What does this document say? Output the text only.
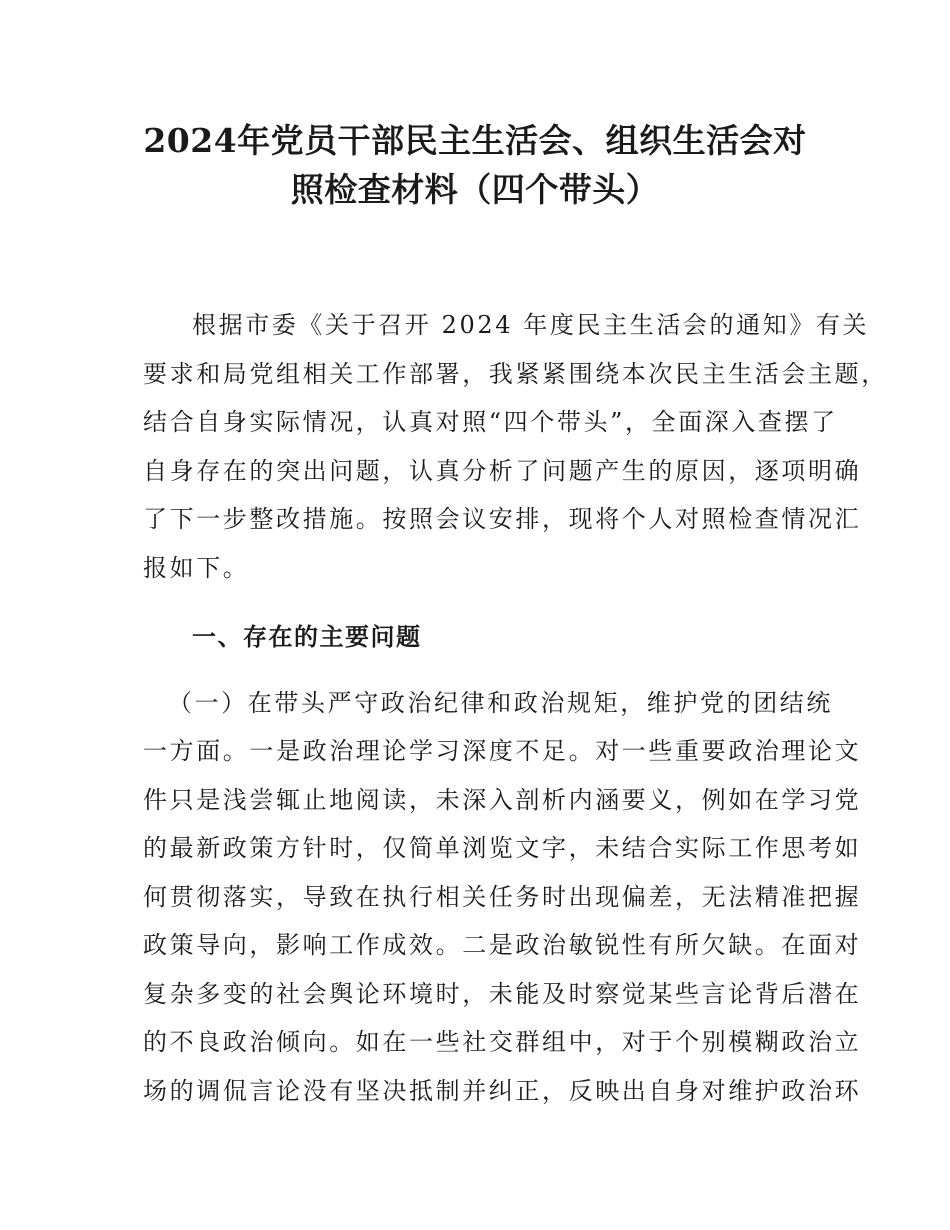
2024年党员干部民主生活会、组织生活会对
照检查材料（四个带头）

根据市委《关于召开 2024 年度民主生活会的通知》有关

要求和局党组相关工作部署，我紧紧围绕本次民主生活会主题，

结合自身实际情况，认真对照“四个带头”，全面深入查摆了

自身存在的突出问题，认真分析了问题产生的原因，逐项明确

了下一步整改措施。按照会议安排，现将个人对照检查情况汇

报如下。

一、存在的主要问题

（一）在带头严守政治纪律和政治规矩，维护党的团结统

一方面。一是政治理论学习深度不足。对一些重要政治理论文

件只是浅尝辄止地阅读，未深入剖析内涵要义，例如在学习党

的最新政策方针时，仅简单浏览文字，未结合实际工作思考如

何贯彻落实，导致在执行相关任务时出现偏差，无法精准把握

政策导向，影响工作成效。二是政治敏锐性有所欠缺。在面对

复杂多变的社会舆论环境时，未能及时察觉某些言论背后潜在

的不良政治倾向。如在一些社交群组中，对于个别模糊政治立

场的调侃言论没有坚决抵制并纠正，反映出自身对维护政治环
